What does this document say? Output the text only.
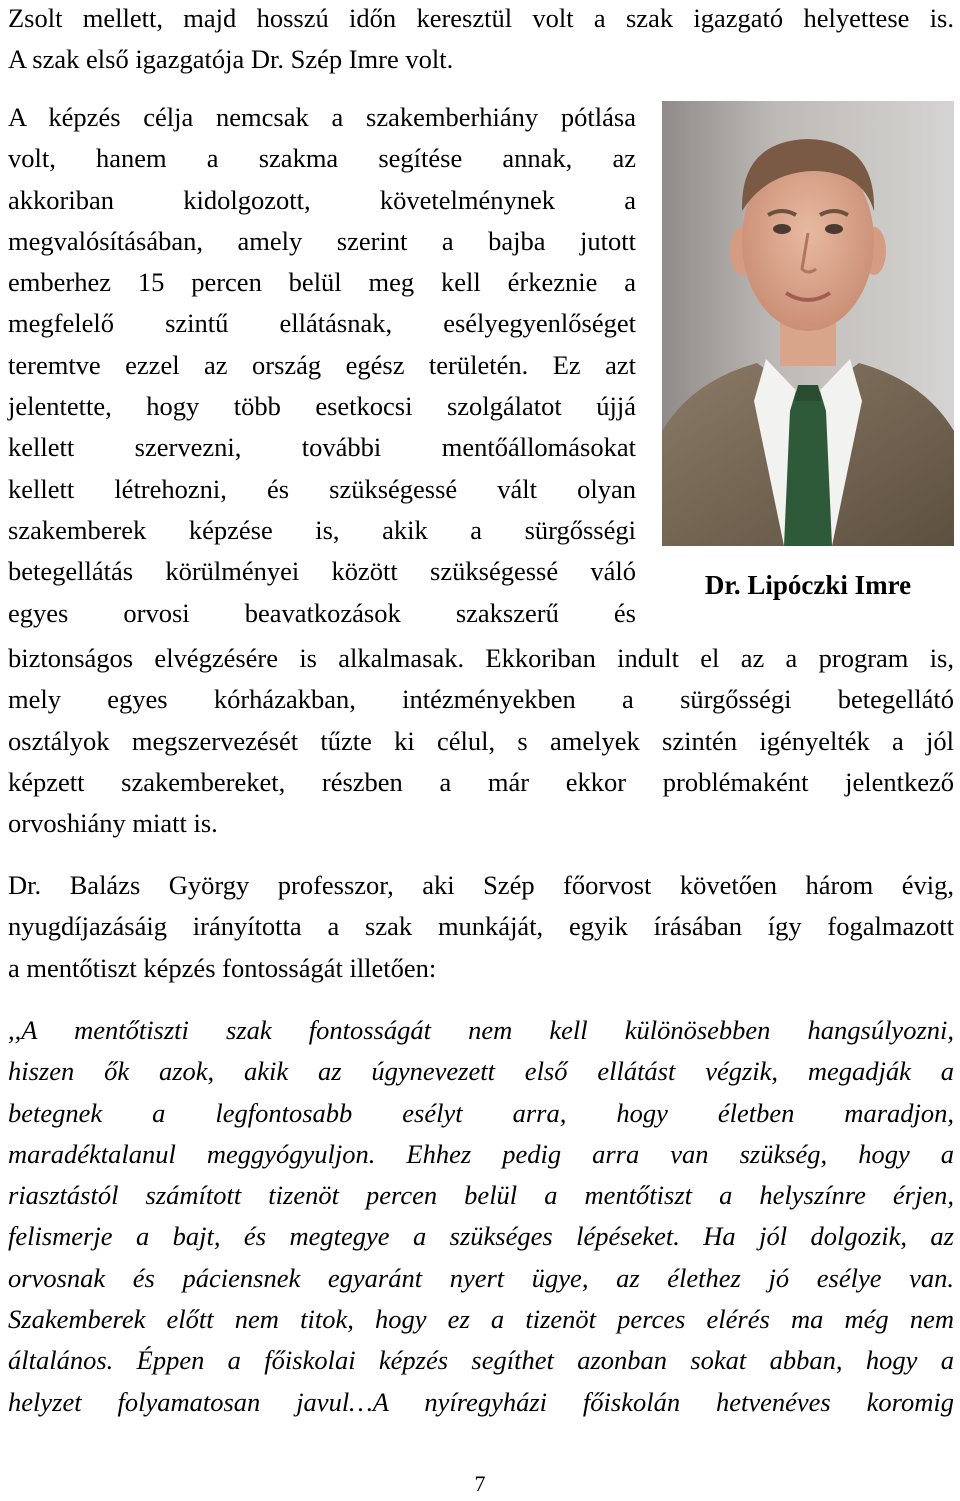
Zsolt mellett, majd hosszú időn keresztül volt a szak igazgató helyettese is.
A szak első igazgatója Dr. Szép Imre volt.
A képzés célja nemcsak a szakemberhiány pótlása
volt, hanem a szakma segítése annak, az
akkoriban kidolgozott, követelménynek a
megvalósításában, amely szerint a bajba jutott
emberhez 15 percen belül meg kell érkeznie a
megfelelő szintű ellátásnak, esélyegyenlőséget
teremtve ezzel az ország egész területén. Ez azt
jelentette, hogy több esetkocsi szolgálatot újjá
kellett szervezni, további mentőállomásokat
kellett létrehozni, és szükségessé vált olyan
szakemberek képzése is, akik a sürgősségi
betegellátás körülményei között szükségessé váló
egyes orvosi beavatkozások szakszerű és
biztonságos elvégzésére is alkalmasak. Ekkoriban indult el az a program is,
mely egyes kórházakban, intézményekben a sürgősségi betegellátó
osztályok megszervezését tűzte ki célul, s amelyek szintén igényelték a jól
képzett szakembereket, részben a már ekkor problémaként jelentkező
orvoshiány miatt is.
Dr. Balázs György professzor, aki Szép főorvost követően három évig,
nyugdíjazásáig irányította a szak munkáját, egyik írásában így fogalmazott
a mentőtiszt képzés fontosságát illetően:
,,A mentőtiszti szak fontosságát nem kell különösebben hangsúlyozni,
hiszen ők azok, akik az úgynevezett első ellátást végzik, megadják a
betegnek a legfontosabb esélyt arra, hogy életben maradjon,
maradéktalanul meggyógyuljon. Ehhez pedig arra van szükség, hogy a
riasztástól számított tizenöt percen belül a mentőtiszt a helyszínre érjen,
felismerje a bajt, és megtegye a szükséges lépéseket. Ha jól dolgozik, az
orvosnak és páciensnek egyaránt nyert ügye, az élethez jó esélye van.
Szakemberek előtt nem titok, hogy ez a tizenöt perces elérés ma még nem
általános. Éppen a főiskolai képzés segíthet azonban sokat abban, hogy a
helyzet folyamatosan javul…A nyíregyházi főiskolán hetvenéves koromig
Dr. Lipóczki Imre
7
